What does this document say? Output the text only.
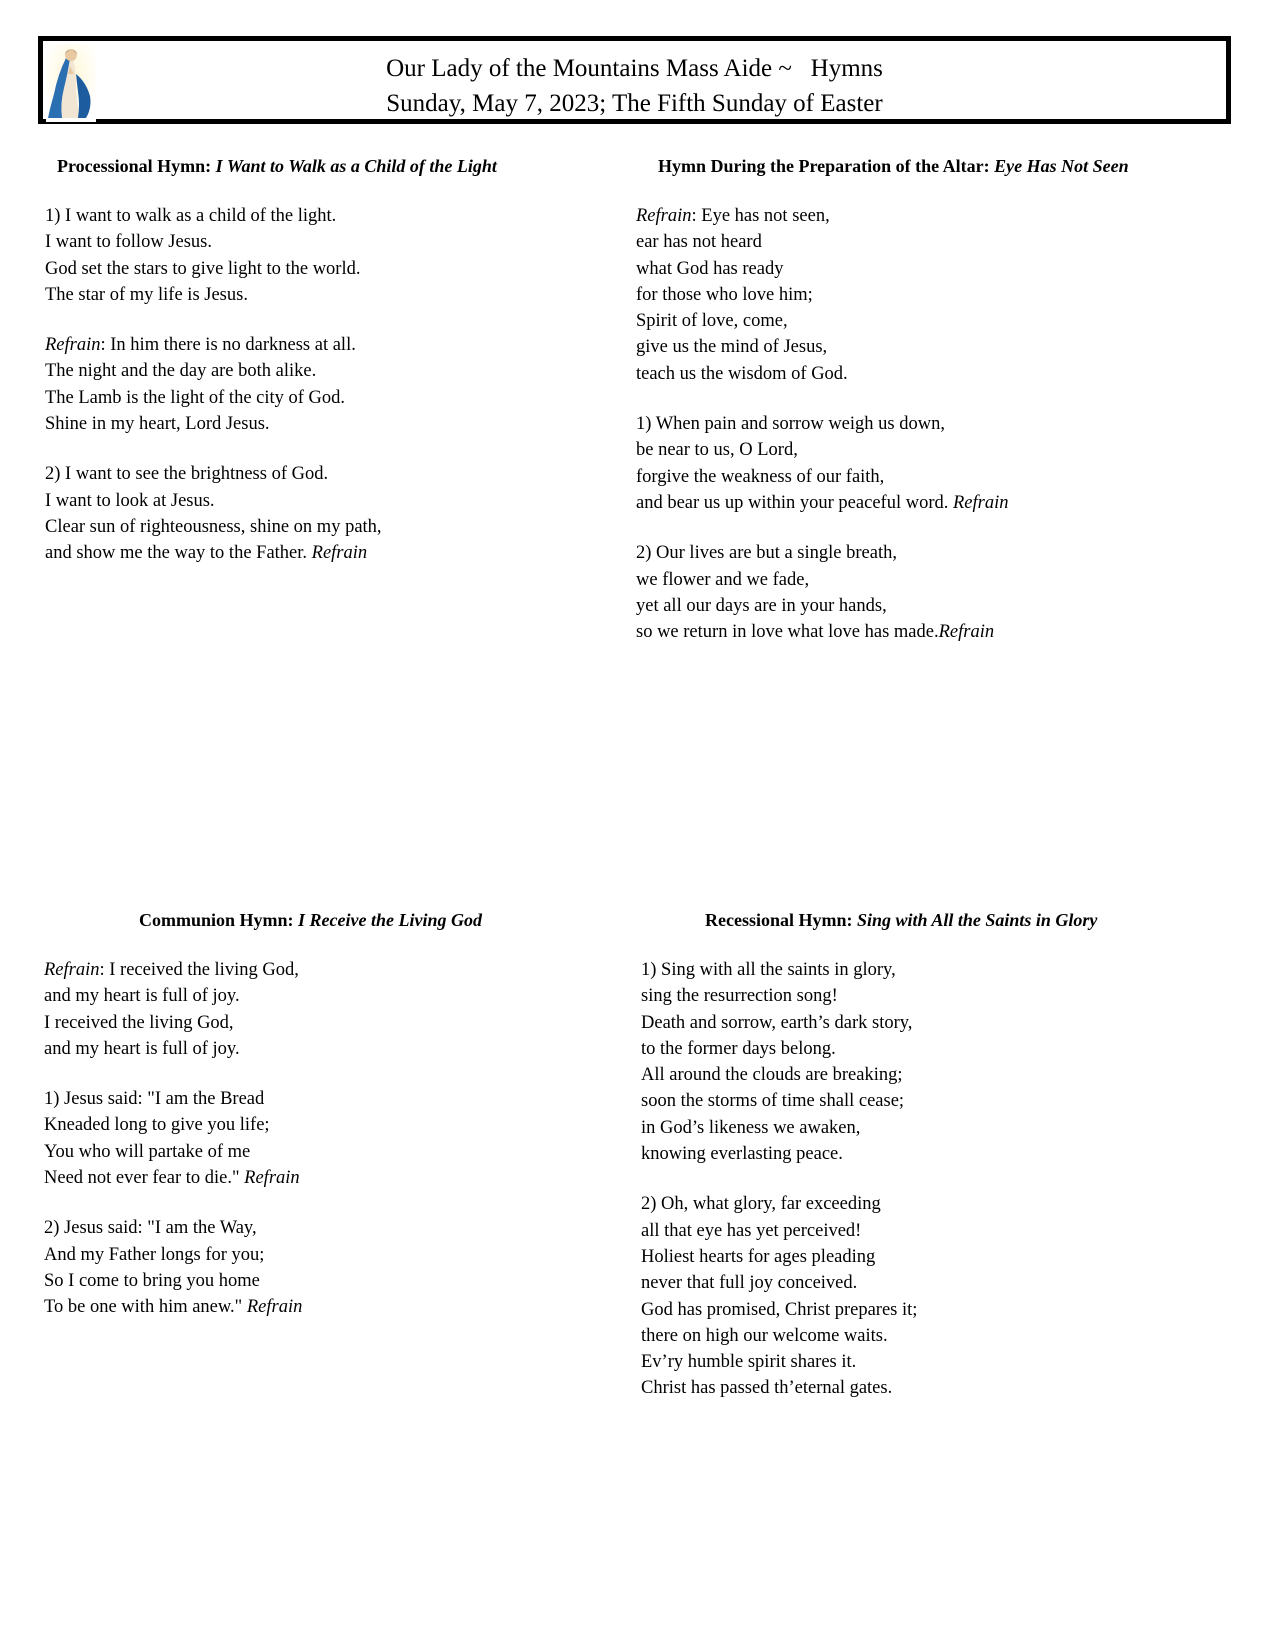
Our Lady of the Mountains Mass Aide ~   Hymns
Sunday, May 7, 2023; The Fifth Sunday of Easter
Processional Hymn: I Want to Walk as a Child of the Light
1) I want to walk as a child of the light.
I want to follow Jesus.
God set the stars to give light to the world.
The star of my life is Jesus.
Refrain: In him there is no darkness at all.
The night and the day are both alike.
The Lamb is the light of the city of God.
Shine in my heart, Lord Jesus.
2) I want to see the brightness of God.
I want to look at Jesus.
Clear sun of righteousness, shine on my path,
and show me the way to the Father. Refrain
Hymn During the Preparation of the Altar: Eye Has Not Seen
Refrain: Eye has not seen,
ear has not heard
what God has ready
for those who love him;
Spirit of love, come,
give us the mind of Jesus,
teach us the wisdom of God.
1) When pain and sorrow weigh us down,
be near to us, O Lord,
forgive the weakness of our faith,
and bear us up within your peaceful word. Refrain
2) Our lives are but a single breath,
we flower and we fade,
yet all our days are in your hands,
so we return in love what love has made.Refrain
Communion Hymn: I Receive the Living God
Refrain: I received the living God,
and my heart is full of joy.
I received the living God,
and my heart is full of joy.
1) Jesus said: "I am the Bread
Kneaded long to give you life;
You who will partake of me
Need not ever fear to die." Refrain
2) Jesus said: "I am the Way,
And my Father longs for you;
So I come to bring you home
To be one with him anew." Refrain
Recessional Hymn: Sing with All the Saints in Glory
1) Sing with all the saints in glory,
sing the resurrection song!
Death and sorrow, earth’s dark story,
to the former days belong.
All around the clouds are breaking;
soon the storms of time shall cease;
in God’s likeness we awaken,
knowing everlasting peace.
2) Oh, what glory, far exceeding
all that eye has yet perceived!
Holiest hearts for ages pleading
never that full joy conceived.
God has promised, Christ prepares it;
there on high our welcome waits.
Ev’ry humble spirit shares it.
Christ has passed th’eternal gates.
